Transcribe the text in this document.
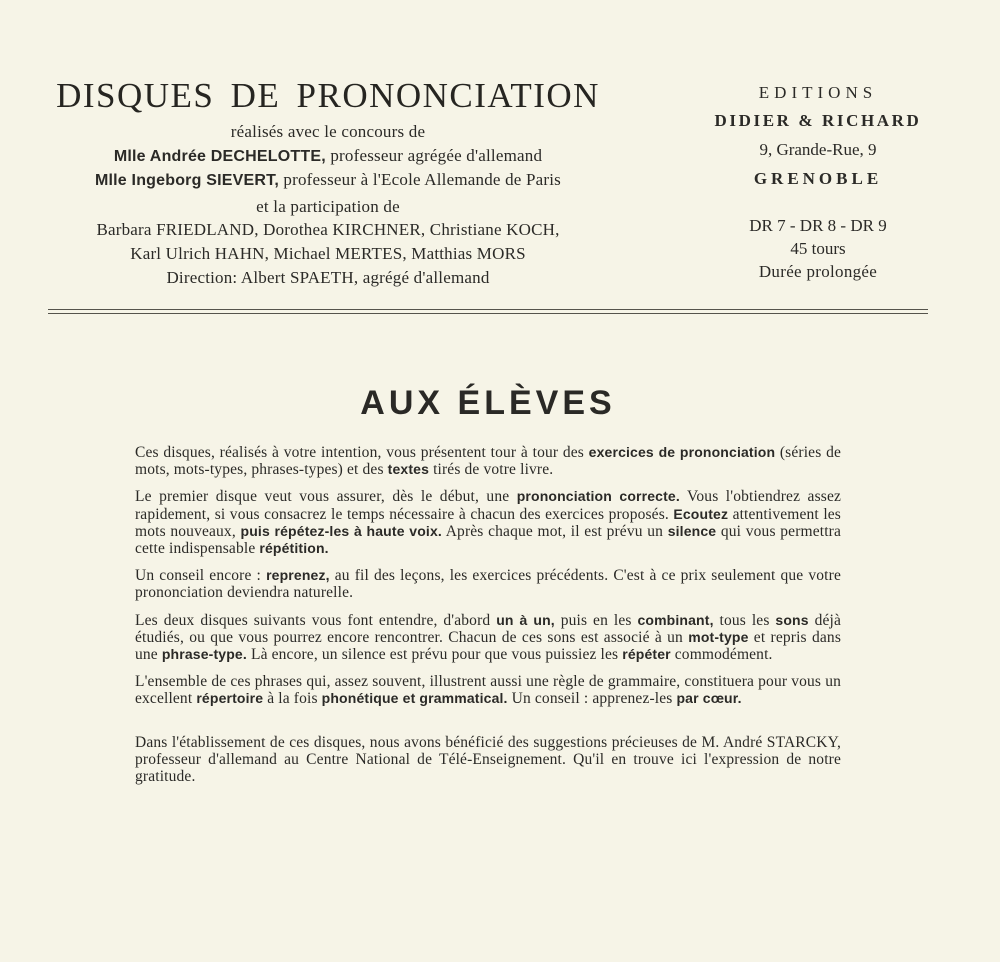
DISQUES DE PRONONCIATION

réalisés avec le concours de

Mlle Andrée DECHELOTTE, professeur agrégée d'allemand

Mlle Ingeborg SIEVERT, professeur à l'Ecole Allemande de Paris

et la participation de

Barbara FRIEDLAND, Dorothea KIRCHNER, Christiane KOCH,

Karl Ulrich HAHN, Michael MERTES, Matthias MORS

Direction: Albert SPAETH, agrégé d'allemand

EDITIONS

DIDIER & RICHARD

9, Grande-Rue, 9

GRENOBLE

DR 7 - DR 8 - DR 9

45 tours

Durée prolongée

AUX ÉLÈVES

Ces disques, réalisés à votre intention, vous présentent tour à tour des exercices de prononciation (séries de mots, mots-types, phrases-types) et des textes tirés de votre livre.

Le premier disque veut vous assurer, dès le début, une prononciation correcte. Vous l'obtiendrez assez rapidement, si vous consacrez le temps nécessaire à chacun des exercices proposés. Ecoutez attentivement les mots nouveaux, puis répétez-les à haute voix. Après chaque mot, il est prévu un silence qui vous permettra cette indispensable répétition.

Un conseil encore : reprenez, au fil des leçons, les exercices précédents. C'est à ce prix seulement que votre prononciation deviendra naturelle.

Les deux disques suivants vous font entendre, d'abord un à un, puis en les combinant, tous les sons déjà étudiés, ou que vous pourrez encore rencontrer. Chacun de ces sons est associé à un mot-type et repris dans une phrase-type. Là encore, un silence est prévu pour que vous puissiez les répéter commodément.

L'ensemble de ces phrases qui, assez souvent, illustrent aussi une règle de grammaire, constituera pour vous un excellent répertoire à la fois phonétique et grammatical. Un conseil : apprenez-les par cœur.

Dans l'établissement de ces disques, nous avons bénéficié des suggestions précieuses de M. André STARCKY, professeur d'allemand au Centre National de Télé-Enseignement. Qu'il en trouve ici l'expression de notre gratitude.
